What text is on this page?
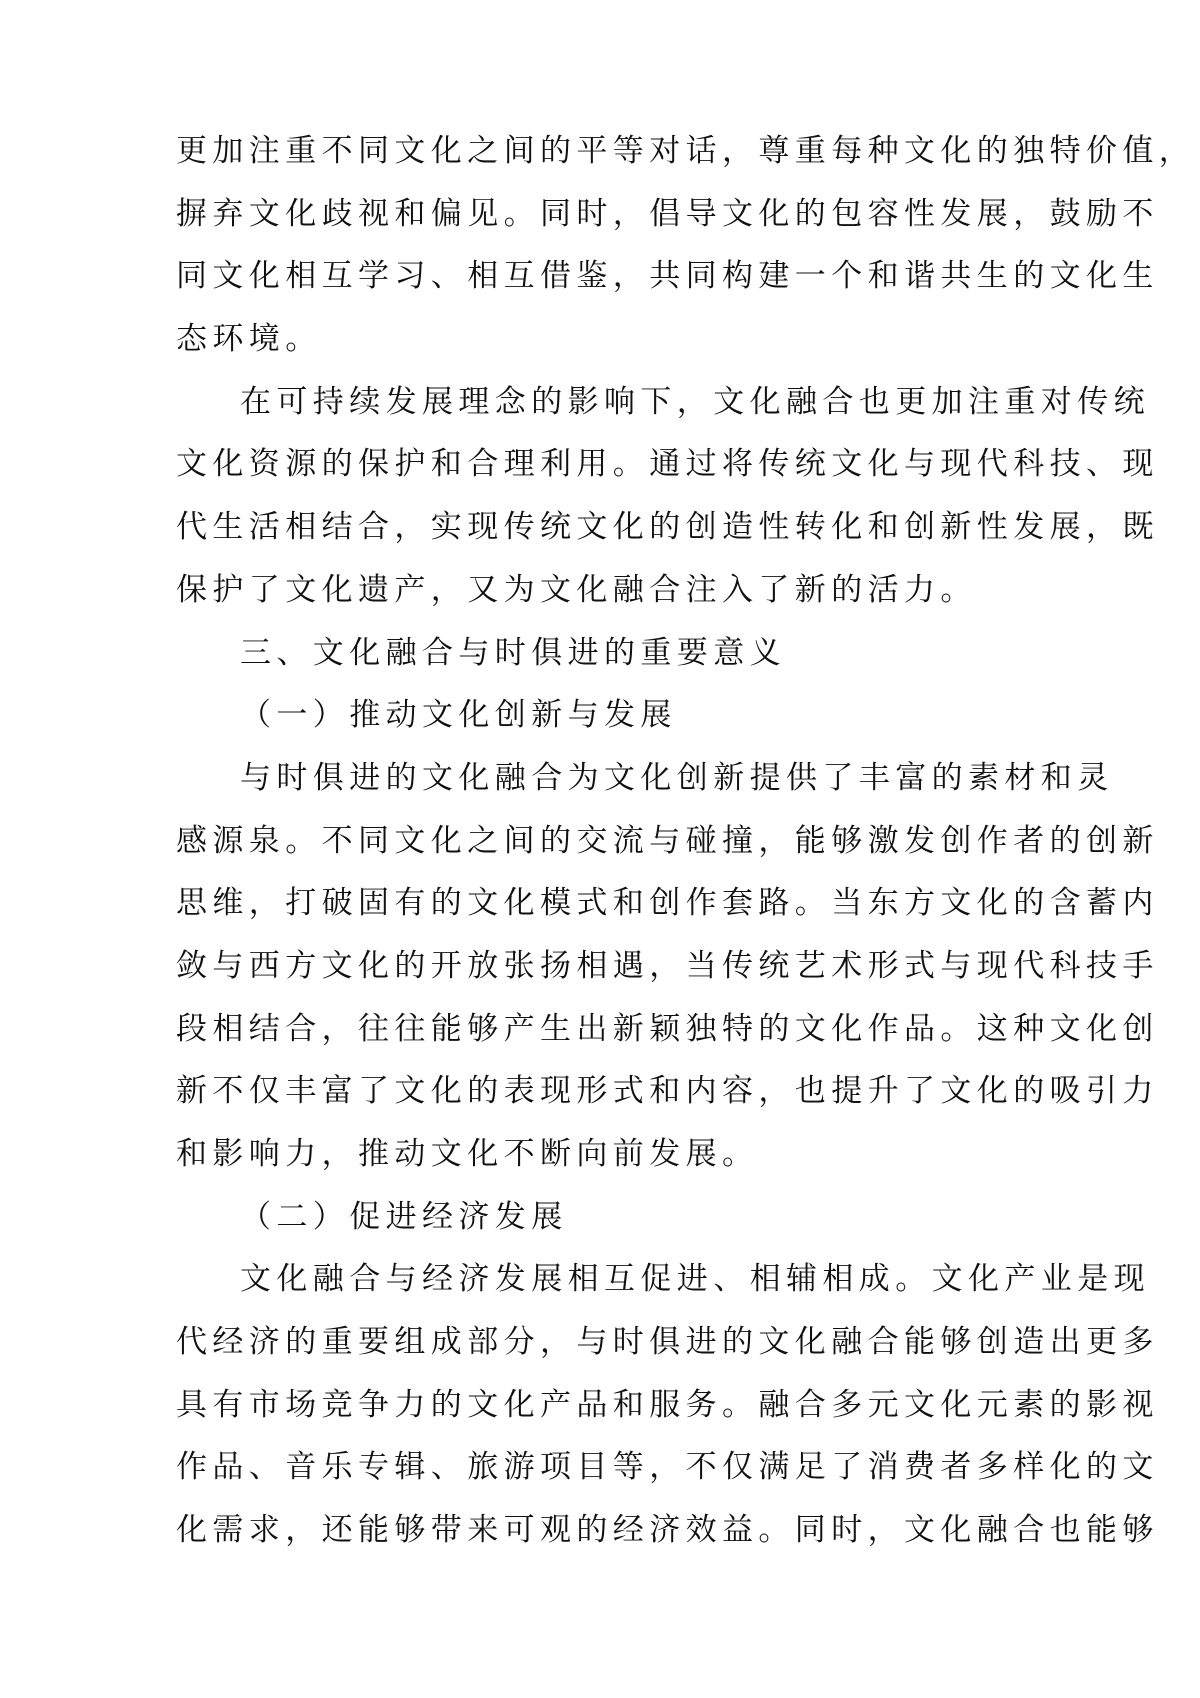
更加注重不同文化之间的平等对话，尊重每种文化的独特价值，
摒弃文化歧视和偏见。同时，倡导文化的包容性发展，鼓励不
同文化相互学习、相互借鉴，共同构建一个和谐共生的文化生
态环境。
在可持续发展理念的影响下，文化融合也更加注重对传统
文化资源的保护和合理利用。通过将传统文化与现代科技、现
代生活相结合，实现传统文化的创造性转化和创新性发展，既
保护了文化遗产，又为文化融合注入了新的活力。
三、文化融合与时俱进的重要意义
（一）推动文化创新与发展
与时俱进的文化融合为文化创新提供了丰富的素材和灵
感源泉。不同文化之间的交流与碰撞，能够激发创作者的创新
思维，打破固有的文化模式和创作套路。当东方文化的含蓄内
敛与西方文化的开放张扬相遇，当传统艺术形式与现代科技手
段相结合，往往能够产生出新颖独特的文化作品。这种文化创
新不仅丰富了文化的表现形式和内容，也提升了文化的吸引力
和影响力，推动文化不断向前发展。
（二）促进经济发展
文化融合与经济发展相互促进、相辅相成。文化产业是现
代经济的重要组成部分，与时俱进的文化融合能够创造出更多
具有市场竞争力的文化产品和服务。融合多元文化元素的影视
作品、音乐专辑、旅游项目等，不仅满足了消费者多样化的文
化需求，还能够带来可观的经济效益。同时，文化融合也能够
